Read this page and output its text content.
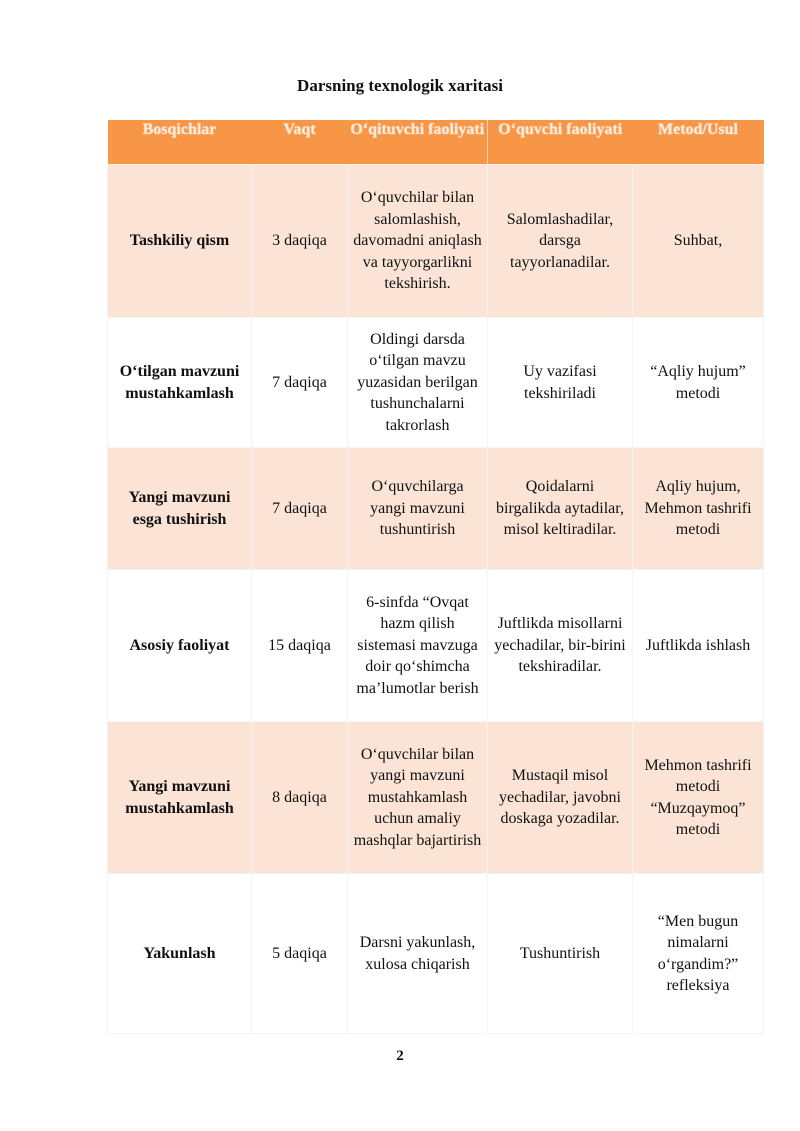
Darsning texnologik xaritasi
Bosqichlar	Vaqt	O‘qituvchi faoliyati	O‘quvchi faoliyati	Metod/Usul
Tashkiliy qism	3 daqiqa	O‘quvchilar bilan salomlashish, davomadni aniqlash va tayyorgarlikni tekshirish.	Salomlashadilar, darsga tayyorlanadilar.	Suhbat,
O‘tilgan mavzuni mustahkamlash	7 daqiqa	Oldingi darsda o‘tilgan mavzu yuzasidan berilgan tushunchalarni takrorlash	Uy vazifasi tekshiriladi	“Aqliy hujum” metodi
Yangi mavzuni esga tushirish	7 daqiqa	O‘quvchilarga yangi mavzuni tushuntirish	Qoidalarni birgalikda aytadilar, misol keltiradilar.	Aqliy hujum, Mehmon tashrifi metodi
Asosiy faoliyat	15 daqiqa	6-sinfda “Ovqat hazm qilish sistemasi mavzuga doir qo‘shimcha ma’lumotlar berish	Juftlikda misollarni yechadilar, bir-birini tekshiradilar.	Juftlikda ishlash
Yangi mavzuni mustahkamlash	8 daqiqa	O‘quvchilar bilan yangi mavzuni mustahkamlash uchun amaliy mashqlar bajartirish	Mustaqil misol yechadilar, javobni doskaga yozadilar.	Mehmon tashrifi metodi “Muzqaymoq” metodi
Yakunlash	5 daqiqa	Darsni yakunlash, xulosa chiqarish	Tushuntirish	“Men bugun nimalarni o‘rgandim?” refleksiya
2
